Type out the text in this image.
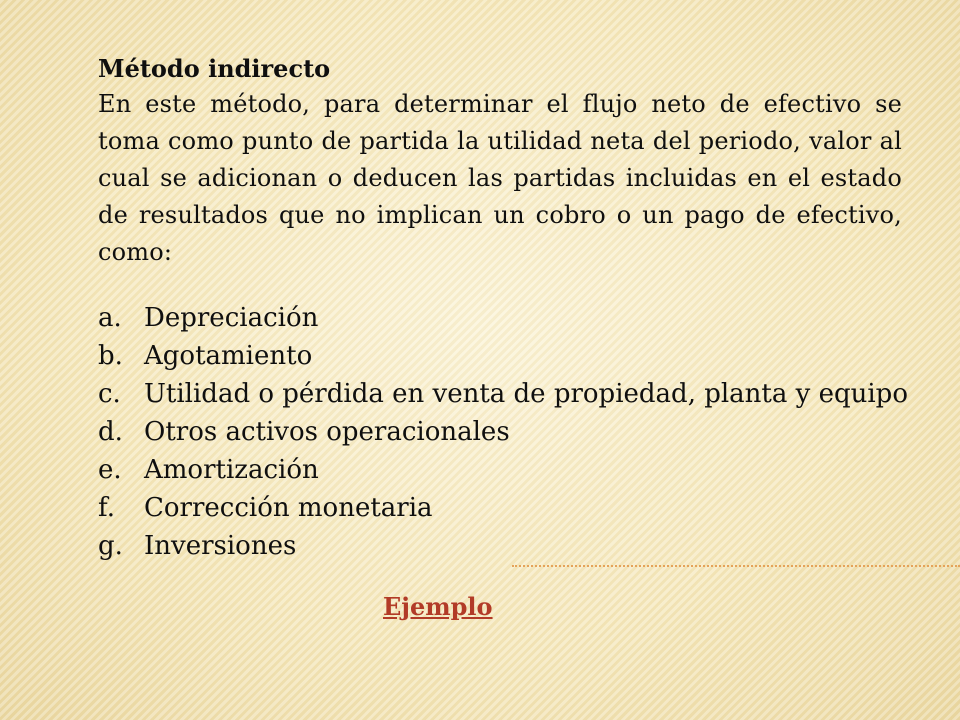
Método indirecto

En este método, para determinar el flujo neto de efectivo se toma como punto de partida la utilidad neta del periodo, valor al cual se adicionan o deducen las partidas incluidas en el estado de resultados que no implican un cobro o un pago de efectivo, como:

a. Depreciación
b. Agotamiento
c. Utilidad o pérdida en venta de propiedad, planta y equipo
d. Otros activos operacionales
e. Amortización
f.	Corrección monetaria
g. Inversiones
Ejemplo
